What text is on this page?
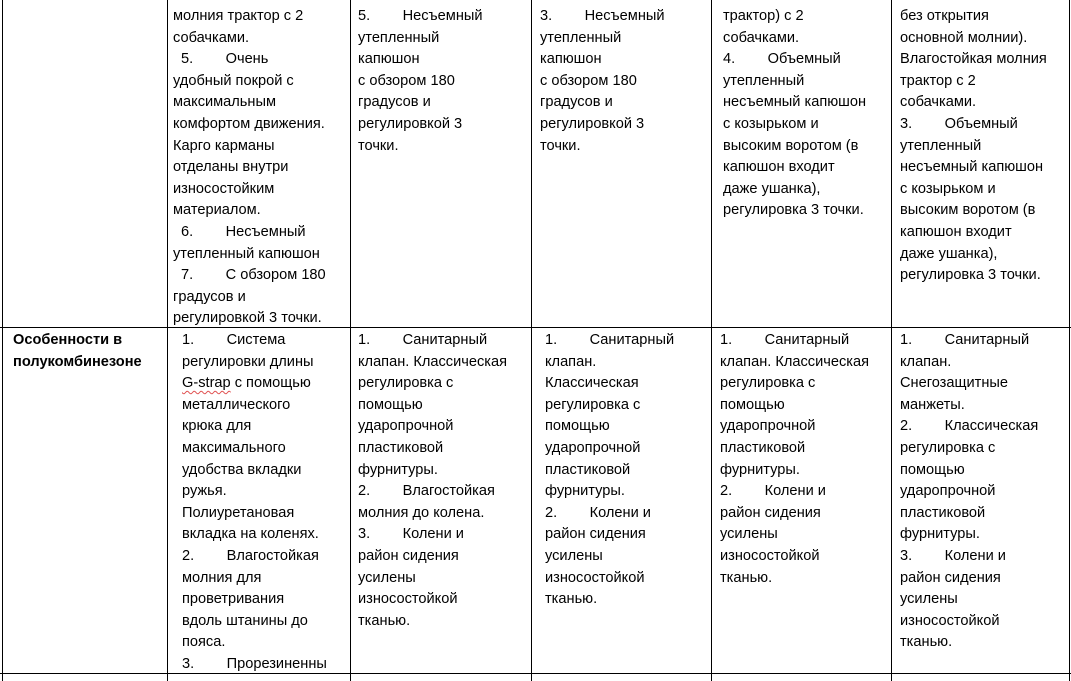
молния трактор с 2
собачками.
5.        Очень
удобный покрой с
максимальным
комфортом движения.
Карго карманы
отделаны внутри
износостойким
материалом.
6.        Несъемный
утепленный капюшон
7.        С обзором 180
градусов и
регулировкой 3 точки.
5.        Несъемный
утепленный
капюшон
с обзором 180
градусов и
регулировкой 3
точки.
3.        Несъемный
утепленный
капюшон
с обзором 180
градусов и
регулировкой 3
точки.
трактор) с 2
собачками.
4.        Объемный
утепленный
несъемный капюшон
с козырьком и
высоким воротом (в
капюшон входит
даже ушанка),
регулировка 3 точки.
без открытия
основной молнии).
Влагостойкая молния
трактор с 2
собачками.
3.        Объемный
утепленный
несъемный капюшон
с козырьком и
высоким воротом (в
капюшон входит
даже ушанка),
регулировка 3 точки.
Особенности в
полукомбинезоне
1.        Система
регулировки длины
G-strap с помощью
металлического
крюка для
максимального
удобства вкладки
ружья.
Полиуретановая
вкладка на коленях.
2.        Влагостойкая
молния для
проветривания
вдоль штанины до
пояса.
3.        Прорезиненны
1.        Санитарный
клапан. Классическая
регулировка с
помощью
ударопрочной
пластиковой
фурнитуры.
2.        Влагостойкая
молния до колена.
3.        Колени и
район сидения
усилены
износостойкой
тканью.
1.        Санитарный
клапан.
Классическая
регулировка с
помощью
ударопрочной
пластиковой
фурнитуры.
2.        Колени и
район сидения
усилены
износостойкой
тканью.
1.        Санитарный
клапан. Классическая
регулировка с
помощью
ударопрочной
пластиковой
фурнитуры.
2.        Колени и
район сидения
усилены
износостойкой
тканью.
1.        Санитарный
клапан.
Снегозащитные
манжеты.
2.        Классическая
регулировка с
помощью
ударопрочной
пластиковой
фурнитуры.
3.        Колени и
район сидения
усилены
износостойкой
тканью.
